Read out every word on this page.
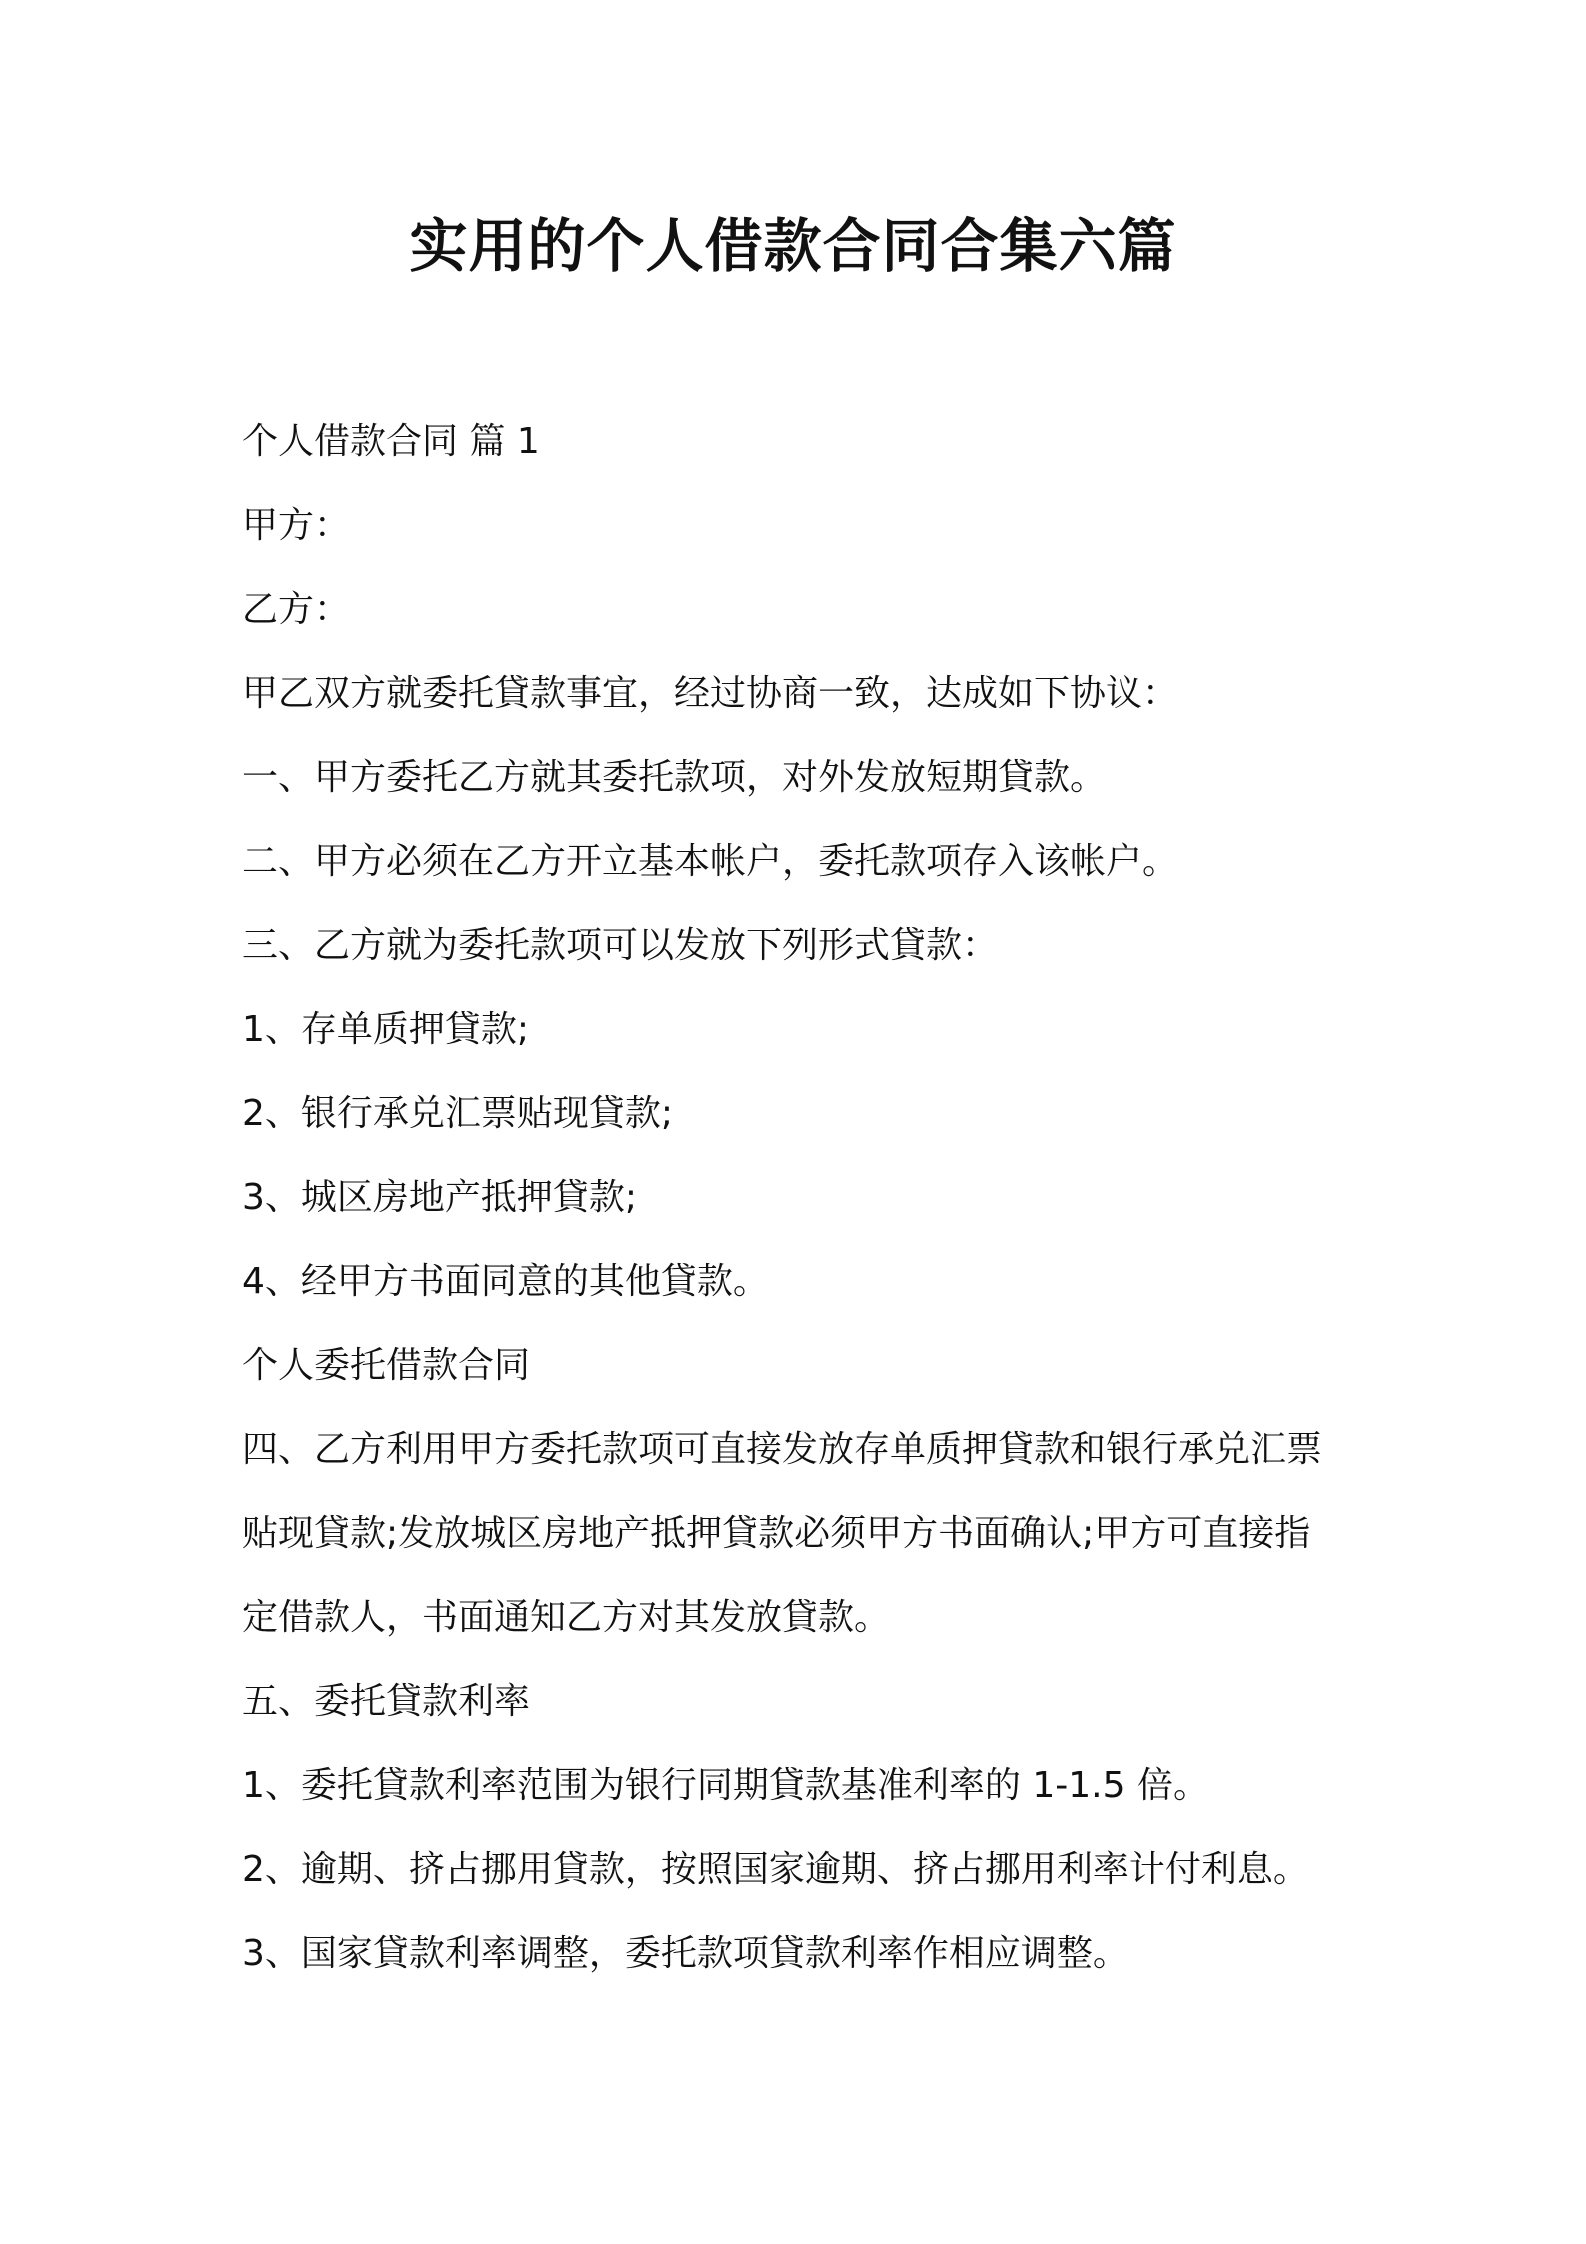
实用的个人借款合同合集六篇

个人借款合同 篇 1

甲方：

乙方：

甲乙双方就委托貸款事宜，经过协商一致，达成如下协议：

一、甲方委托乙方就其委托款项，对外发放短期貸款。

二、甲方必须在乙方开立基本帐户，委托款项存入该帐户。

三、乙方就为委托款项可以发放下列形式貸款：

1、存单质押貸款;

2、银行承兑汇票贴现貸款;

3、城区房地产抵押貸款;

4、经甲方书面同意的其他貸款。

个人委托借款合同

四、乙方利用甲方委托款项可直接发放存单质押貸款和银行承兑汇票

贴现貸款;发放城区房地产抵押貸款必须甲方书面确认;甲方可直接指

定借款人，书面通知乙方对其发放貸款。

五、委托貸款利率

1、委托貸款利率范围为银行同期貸款基准利率的 1-1.5 倍。

2、逾期、挤占挪用貸款，按照国家逾期、挤占挪用利率计付利息。

3、国家貸款利率调整，委托款项貸款利率作相应调整。
